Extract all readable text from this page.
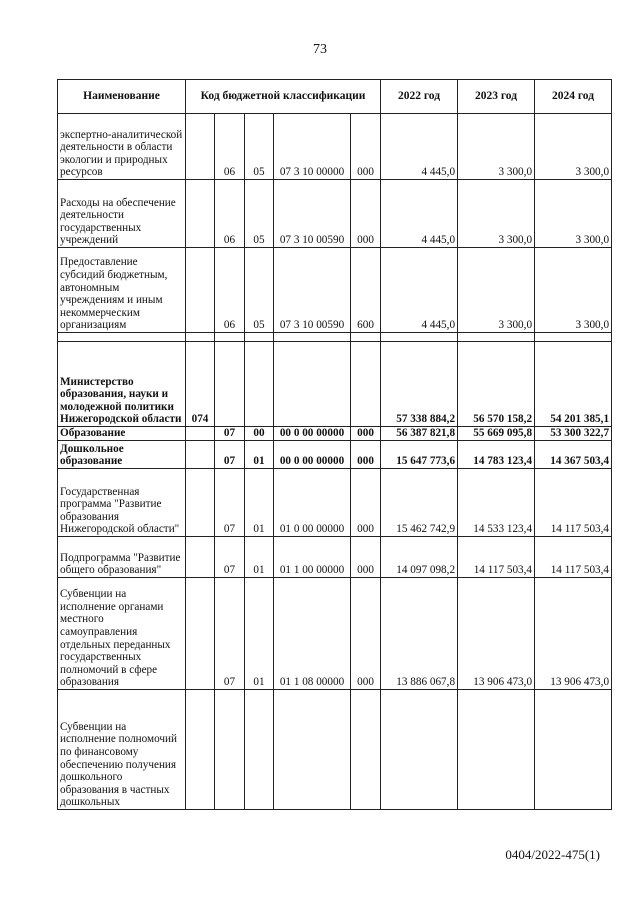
73
Наименование	Код бюджетной классификации					2022 год	2023 год	2024 год
экспертно-аналитической деятельности в области экологии и природных ресурсов		06	05	07 3 10 00000	000	4 445,0	3 300,0	3 300,0
Расходы на обеспечение деятельности государственных учреждений		06	05	07 3 10 00590	000	4 445,0	3 300,0	3 300,0
Предоставление субсидий бюджетным, автономным учреждениям и иным некоммерческим организациям		06	05	07 3 10 00590	600	4 445,0	3 300,0	3 300,0

Министерство образования, науки и молодежной политики Нижегородской области	074					57 338 884,2	56 570 158,2	54 201 385,1
Образование		07	00	00 0 00 00000	000	56 387 821,8	55 669 095,8	53 300 322,7
Дошкольное образование		07	01	00 0 00 00000	000	15 647 773,6	14 783 123,4	14 367 503,4
Государственная программа "Развитие образования Нижегородской области"		07	01	01 0 00 00000	000	15 462 742,9	14 533 123,4	14 117 503,4
Подпрограмма "Развитие общего образования"		07	01	01 1 00 00000	000	14 097 098,2	14 117 503,4	14 117 503,4
Субвенции на исполнение органами местного самоуправления отдельных переданных государственных полномочий в сфере образования		07	01	01 1 08 00000	000	13 886 067,8	13 906 473,0	13 906 473,0
Субвенции на исполнение полномочий по финансовому обеспечению получения дошкольного образования в частных дошкольных								
0404/2022-475(1)
